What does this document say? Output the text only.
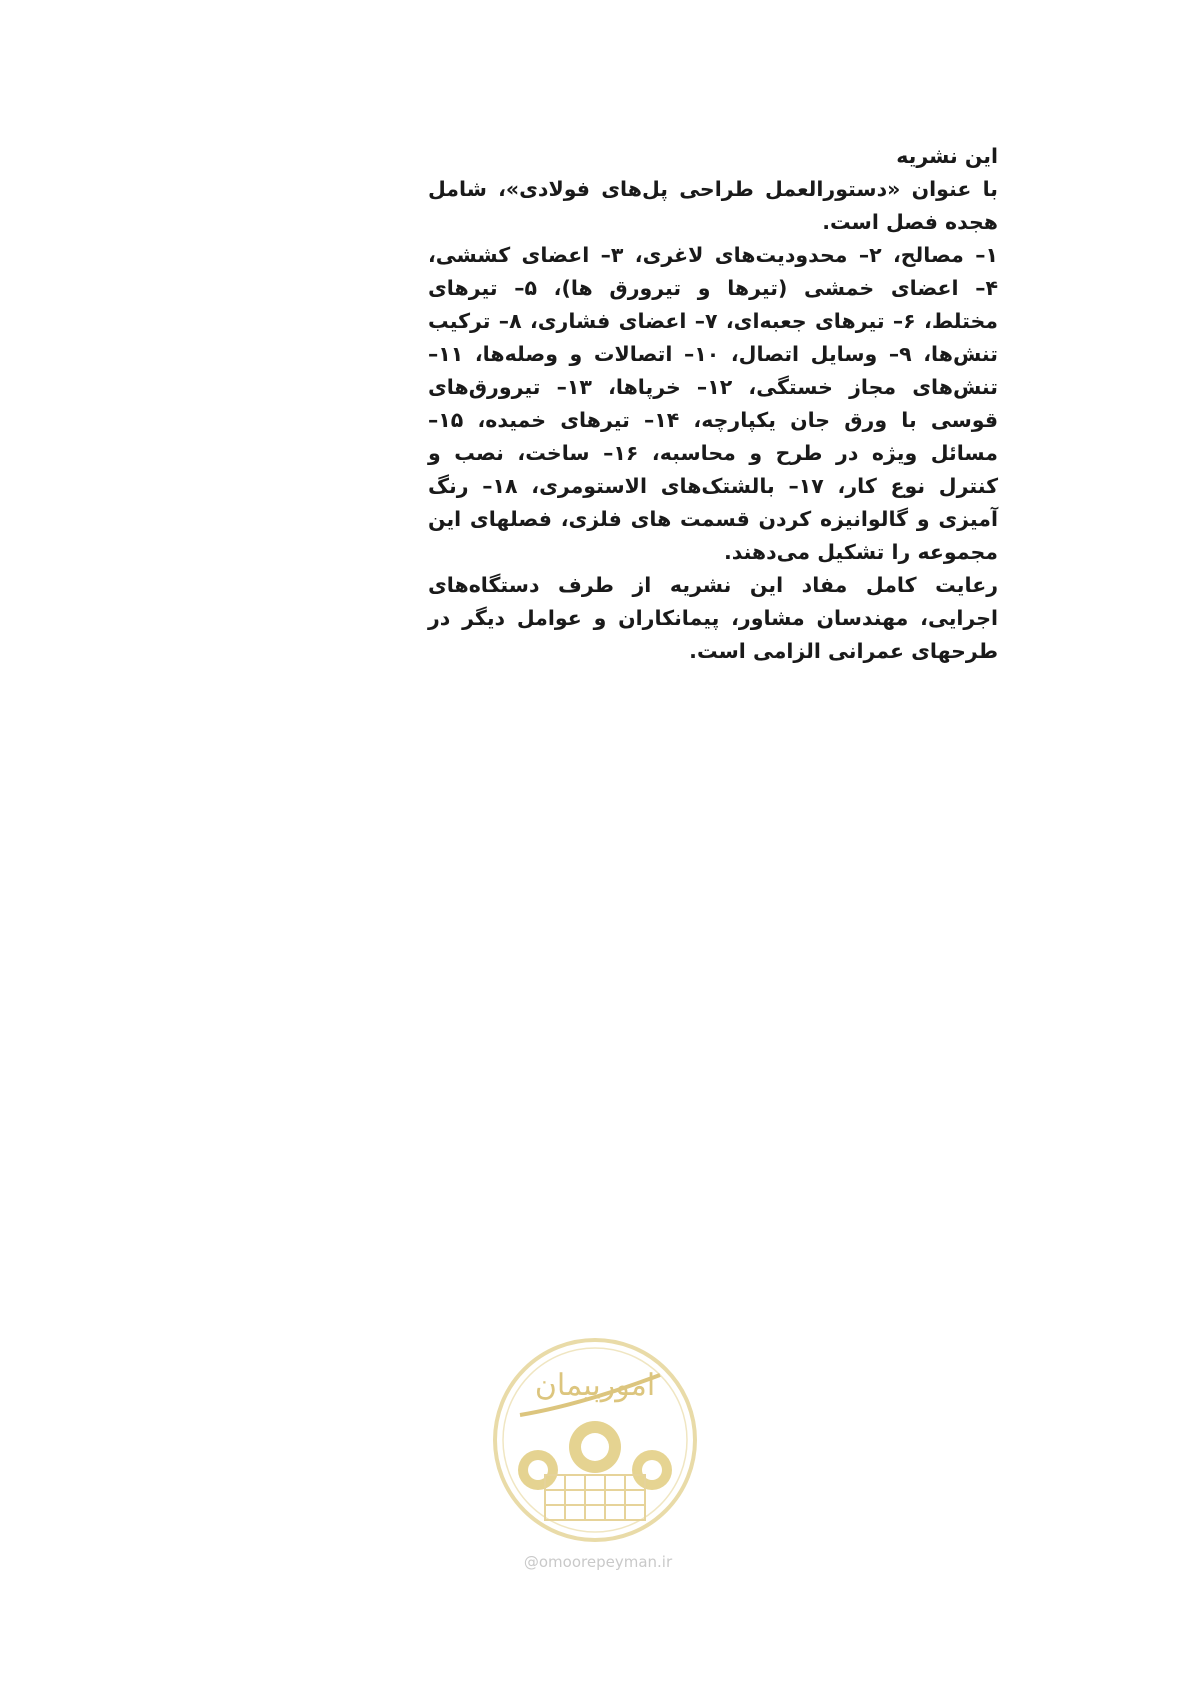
این نشریه

با عنوان «دستورالعمل طراحی پل‌های فولادی»، شامل هجده فصل است.

۱– مصالح، ۲– محدودیت‌های لاغری، ۳– اعضای کششی، ۴– اعضای خمشی (تیرها و تیرورق ها)، ۵– تیرهای مختلط، ۶– تیرهای جعبه‌ای، ۷– اعضای فشاری، ۸– ترکیب تنش‌ها، ۹– وسایل اتصال، ۱۰– اتصالات و وصله‌ها، ۱۱– تنش‌های مجاز خستگی، ۱۲– خرپاها، ۱۳– تیرورق‌های قوسی با ورق جان یکپارچه، ۱۴– تیرهای خمیده، ۱۵– مسائل ویژه در طرح و محاسبه، ۱۶– ساخت، نصب و کنترل نوع کار، ۱۷– بالشتک‌های الاستومری، ۱۸– رنگ آمیزی و گالوانیزه کردن قسمت های فلزی، فصلهای این مجموعه را تشکیل می‌دهند.

رعایت کامل مفاد این نشریه از طرف دستگاه‌های اجرایی، مهندسان مشاور، پیمانکاران و عوامل دیگر در طرحهای عمرانی الزامی است.

امورپیمان
@omoorepeyman.ir
